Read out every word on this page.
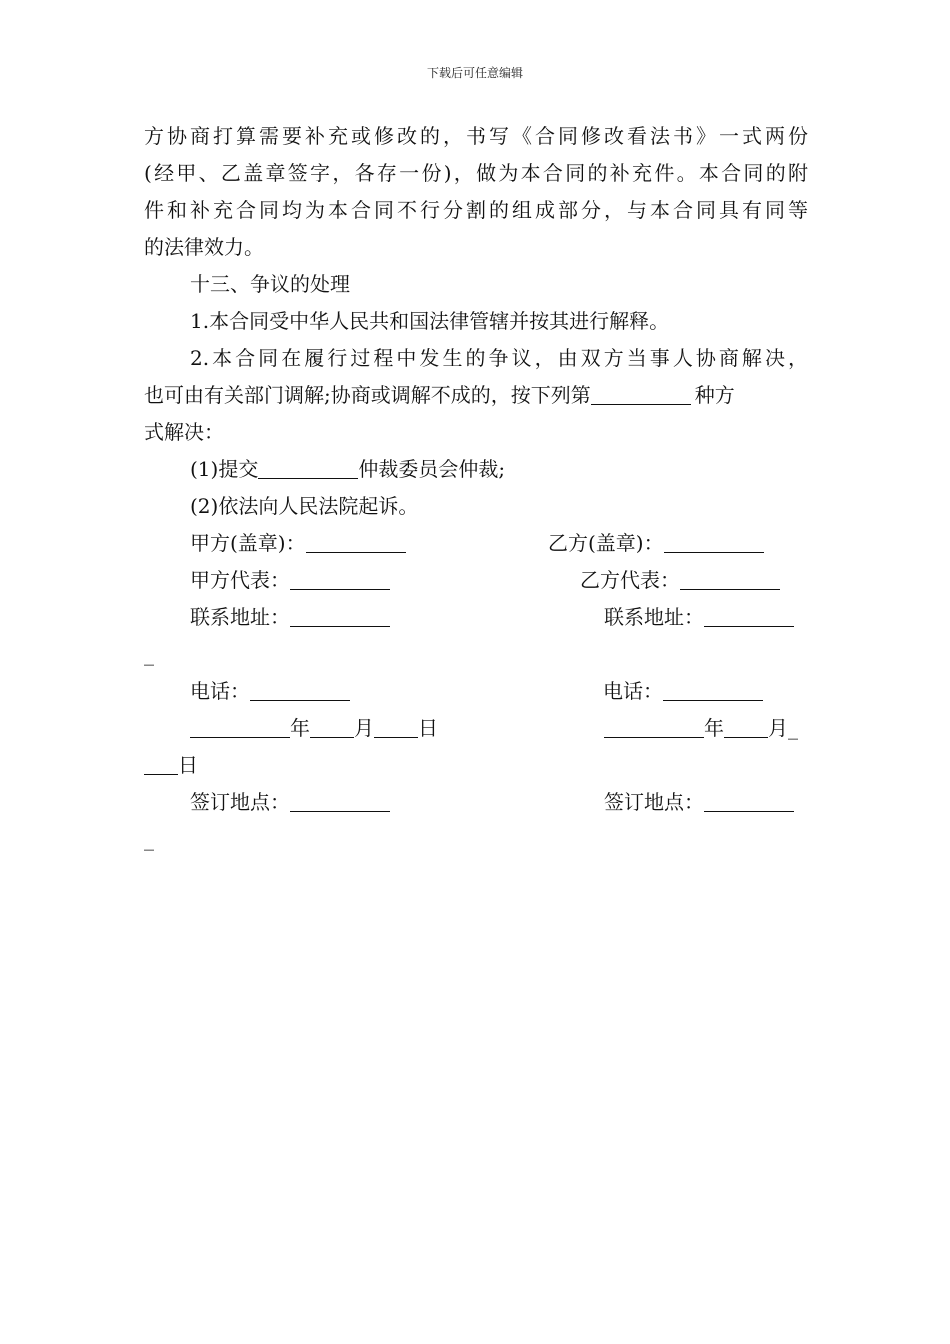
下载后可任意编辑
方协商打算需要补充或修改的，书写《合同修改看法书》一式两份
(经甲、乙盖章签字，各存一份)，做为本合同的补充件。本合同的附
件和补充合同均为本合同不行分割的组成部分，与本合同具有同等
的法律效力。
十三、争议的处理
1.本合同受中华人民共和国法律管辖并按其进行解释。
2.本合同在履行过程中发生的争议，由双方当事人协商解决，
也可由有关部门调解;协商或调解不成的，按下列第	种方
式解决：
(1)提交	仲裁委员会仲裁;
(2)依法向人民法院起诉。
甲方(盖章)：	乙方(盖章)：
甲方代表：	乙方代表：
联系地址：	联系地址：
_
电话：	电话：
年 月 日	年 月_
日
签订地点：	签订地点：
_
